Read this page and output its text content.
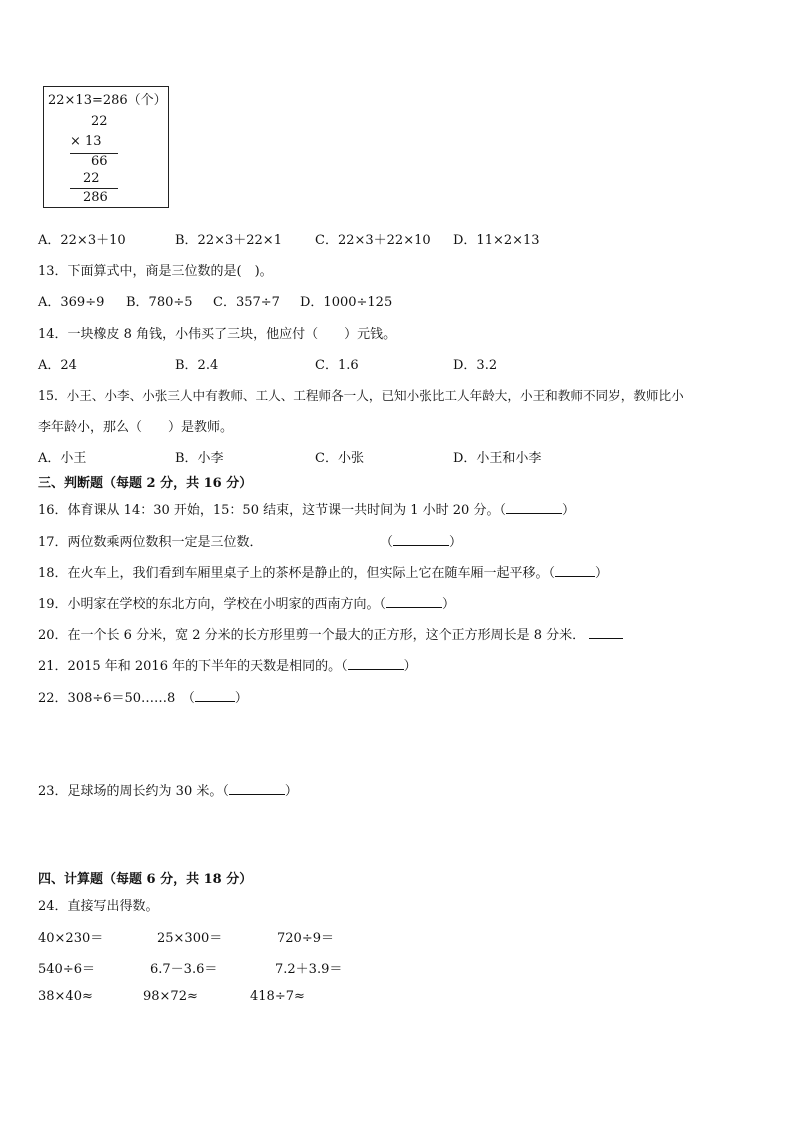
22×13=286（个）
22
× 13
66
22
286
A．22×3＋10	B．22×3＋22×1	C．22×3＋22×10 D．11×2×13
13．下面算式中，商是三位数的是(　)。
A．369÷9 B．780÷5 C．357÷7 D．1000÷125
14．一块橡皮 8 角钱，小伟买了三块，他应付（　　）元钱。
A．24	B．2.4	C．1.6	D．3.2
15．小王、小李、小张三人中有教师、工人、工程师各一人，已知小张比工人年龄大，小王和教师不同岁，教师比小
李年龄小，那么（　　）是教师。
A．小王	B．小李	C．小张	D．小王和小李
三、判断题（每题 2 分，共 16 分）
16．体育课从 14：30 开始，15：50 结束，这节课一共时间为 1 小时 20 分。（	）
17．两位数乘两位数积一定是三位数．	（	）
18．在火车上，我们看到车厢里桌子上的茶杯是静止的，但实际上它在随车厢一起平移。（	）
19．小明家在学校的东北方向，学校在小明家的西南方向。（	）
20．在一个长 6 分米，宽 2 分米的长方形里剪一个最大的正方形，这个正方形周长是 8 分米．
21．2015 年和 2016 年的下半年的天数是相同的。（	）
22．308÷6＝50……8　（	）
23．足球场的周长约为 30 米。（	）
四、计算题（每题 6 分，共 18 分）
24．直接写出得数。
40×230＝	25×300＝	720÷9＝
540÷6＝	6.7－3.6＝	7.2＋3.9＝
38×40≈	98×72≈	418÷7≈
